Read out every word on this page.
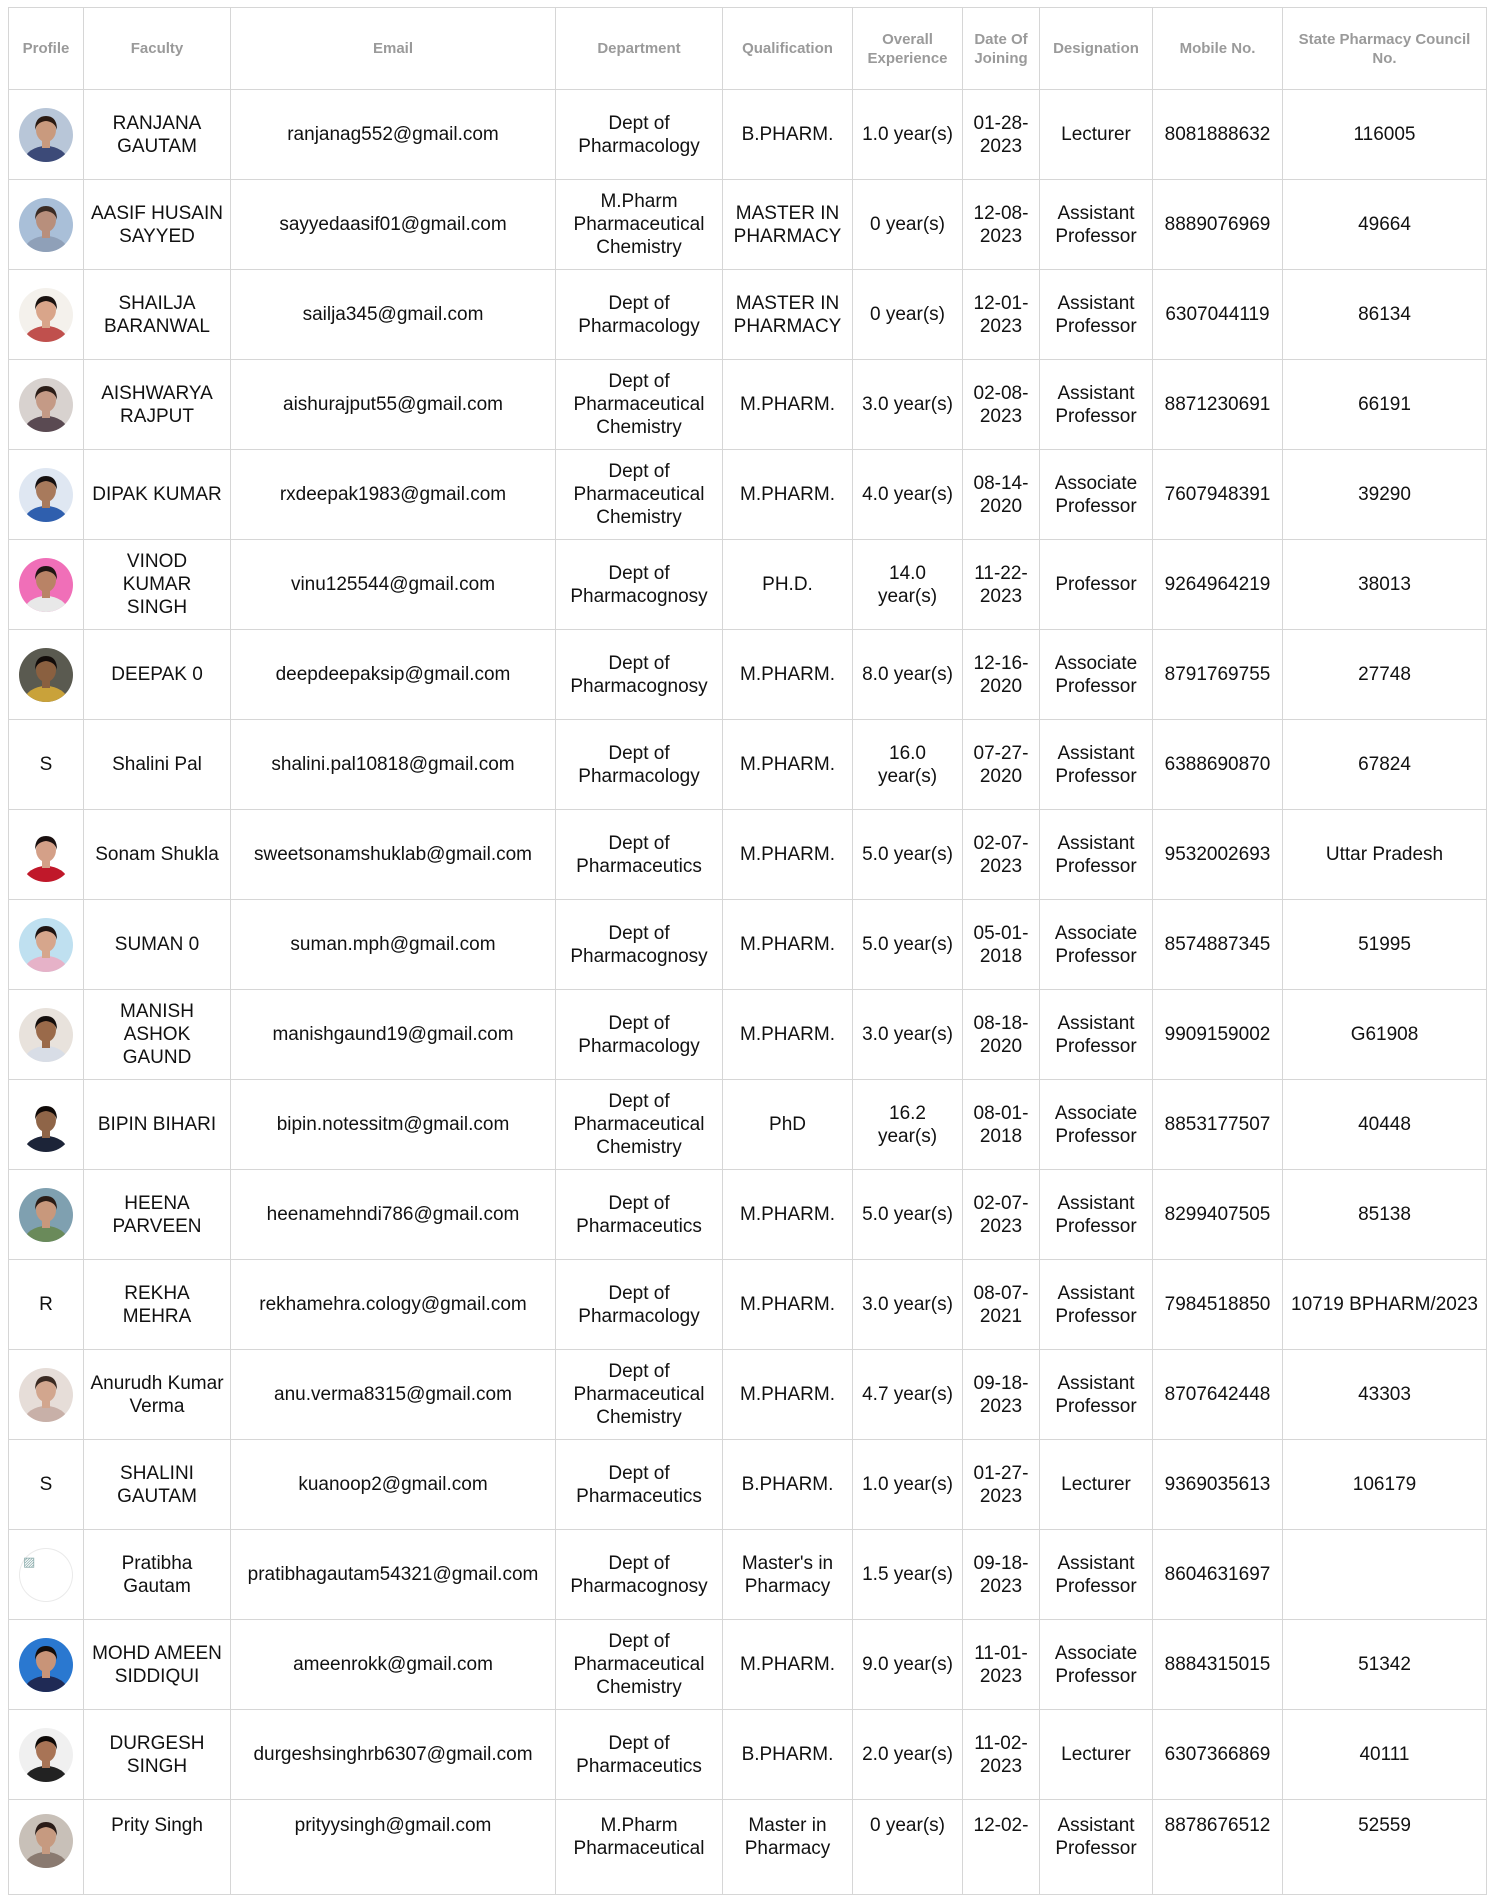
Profile	Faculty	Email	Department	Qualification	Overall Experience	Date Of Joining	Designation	Mobile No.	State Pharmacy Council No.

	RANJANA GAUTAM	ranjanag552@gmail.com	Dept of Pharmacology	B.PHARM.	1.0 year(s)	01-28-2023	Lecturer	8081888632	116005

	AASIF HUSAIN SAYYED	sayyedaasif01@gmail.com	M.Pharm Pharmaceutical Chemistry	MASTER IN PHARMACY	0 year(s)	12-08-2023	Assistant Professor	8889076969	49664

	SHAILJA BARANWAL	sailja345@gmail.com	Dept of Pharmacology	MASTER IN PHARMACY	0 year(s)	12-01-2023	Assistant Professor	6307044119	86134

	AISHWARYA RAJPUT	aishurajput55@gmail.com	Dept of Pharmaceutical Chemistry	M.PHARM.	3.0 year(s)	02-08-2023	Assistant Professor	8871230691	66191

	DIPAK KUMAR	rxdeepak1983@gmail.com	Dept of Pharmaceutical Chemistry	M.PHARM.	4.0 year(s)	08-14-2020	Associate Professor	7607948391	39290

	VINOD KUMAR SINGH	vinu125544@gmail.com	Dept of Pharmacognosy	PH.D.	14.0 year(s)	11-22-2023	Professor	9264964219	38013

	DEEPAK 0	deepdeepaksip@gmail.com	Dept of Pharmacognosy	M.PHARM.	8.0 year(s)	12-16-2020	Associate Professor	8791769755	27748
S	Shalini Pal	shalini.pal10818@gmail.com	Dept of Pharmacology	M.PHARM.	16.0 year(s)	07-27-2020	Assistant Professor	6388690870	67824

	Sonam Shukla	sweetsonamshuklab@gmail.com	Dept of Pharmaceutics	M.PHARM.	5.0 year(s)	02-07-2023	Assistant Professor	9532002693	Uttar Pradesh

	SUMAN 0	suman.mph@gmail.com	Dept of Pharmacognosy	M.PHARM.	5.0 year(s)	05-01-2018	Associate Professor	8574887345	51995

	MANISH ASHOK GAUND	manishgaund19@gmail.com	Dept of Pharmacology	M.PHARM.	3.0 year(s)	08-18-2020	Assistant Professor	9909159002	G61908

	BIPIN BIHARI	bipin.notessitm@gmail.com	Dept of Pharmaceutical Chemistry	PhD	16.2 year(s)	08-01-2018	Associate Professor	8853177507	40448

	HEENA PARVEEN	heenamehndi786@gmail.com	Dept of Pharmaceutics	M.PHARM.	5.0 year(s)	02-07-2023	Assistant Professor	8299407505	85138
R	REKHA MEHRA	rekhamehra.cology@gmail.com	Dept of Pharmacology	M.PHARM.	3.0 year(s)	08-07-2021	Assistant Professor	7984518850	10719 BPHARM/2023

	Anurudh Kumar Verma	anu.verma8315@gmail.com	Dept of Pharmaceutical Chemistry	M.PHARM.	4.7 year(s)	09-18-2023	Assistant Professor	8707642448	43303
S	SHALINI GAUTAM	kuanoop2@gmail.com	Dept of Pharmaceutics	B.PHARM.	1.0 year(s)	01-27-2023	Lecturer	9369035613	106179

▨	Pratibha Gautam	pratibhagautam54321@gmail.com	Dept of Pharmacognosy	Master's in Pharmacy	1.5 year(s)	09-18-2023	Assistant Professor	8604631697	

	MOHD AMEEN SIDDIQUI	ameenrokk@gmail.com	Dept of Pharmaceutical Chemistry	M.PHARM.	9.0 year(s)	11-01-2023	Associate Professor	8884315015	51342

	DURGESH SINGH	durgeshsinghrb6307@gmail.com	Dept of Pharmaceutics	B.PHARM.	2.0 year(s)	11-02-2023	Lecturer	6307366869	40111

	Prity Singh	prityysingh@gmail.com	M.Pharm Pharmaceutical	Master in Pharmacy	0 year(s)	12-02-	Assistant Professor	8878676512	52559
